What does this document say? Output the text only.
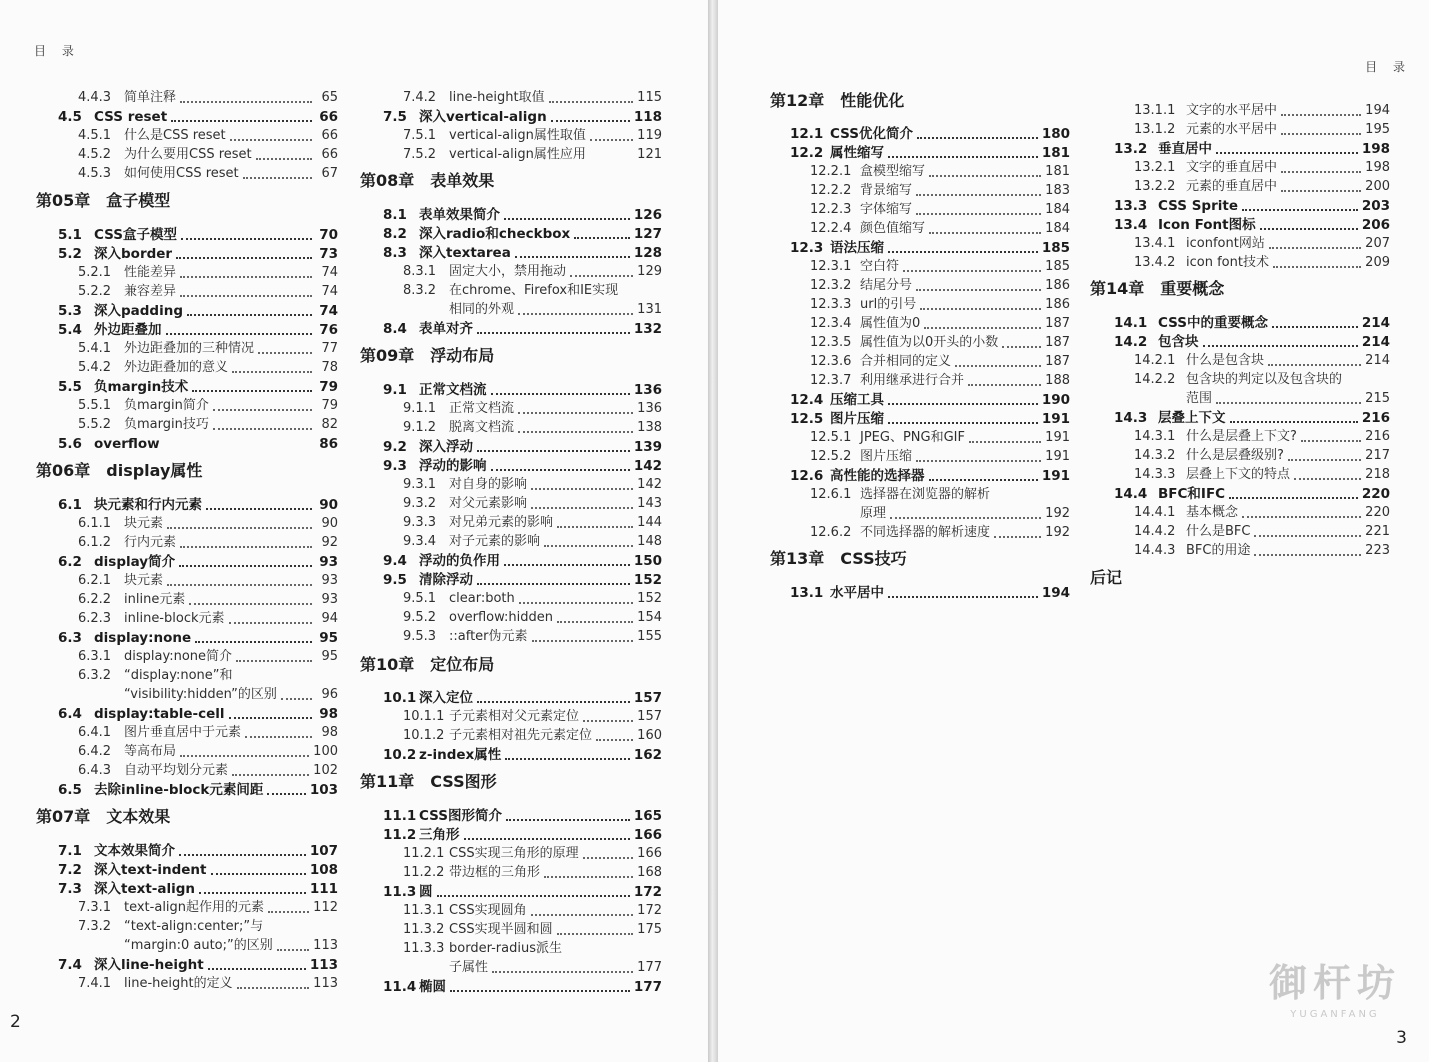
目 录
4.4.3 简单注释	65
4.5 CSS reset	66
4.5.1 什么是CSS reset	66
4.5.2 为什么要用CSS reset	66
4.5.3 如何使用CSS reset	67
第05章　盒子模型
5.1 CSS盒子模型	70
5.2 深入border	73
5.2.1 性能差异	74
5.2.2 兼容差异	74
5.3 深入padding	74
5.4 外边距叠加	76
5.4.1 外边距叠加的三种情况	77
5.4.2 外边距叠加的意义	78
5.5 负margin技术	79
5.5.1 负margin简介	79
5.5.2 负margin技巧	82
5.6 overflow	86
第06章　display属性
6.1 块元素和行内元素	90
6.1.1 块元素	90
6.1.2 行内元素	92
6.2 display简介	93
6.2.1 块元素	93
6.2.2 inline元素	93
6.2.3 inline-block元素	94
6.3 display:none	95
6.3.1 display:none简介	95
6.3.2 “display:none”和
“visibility:hidden”的区别	96
6.4 display:table-cell	98
6.4.1 图片垂直居中于元素	98
6.4.2 等高布局	100
6.4.3 自动平均划分元素	102
6.5 去除inline-block元素间距	103
第07章　文本效果
7.1 文本效果简介	107
7.2 深入text-indent	108
7.3 深入text-align	111
7.3.1 text-align起作用的元素	112
7.3.2 “text-align:center;”与
“margin:0 auto;”的区别	113
7.4 深入line-height	113
7.4.1 line-height的定义	113
7.4.2 line-height取值	115
7.5 深入vertical-align	118
7.5.1 vertical-align属性取值	119
7.5.2 vertical-align属性应用	121
第08章　表单效果
8.1 表单效果简介	126
8.2 深入radio和checkbox	127
8.3 深入textarea	128
8.3.1 固定大小，禁用拖动	129
8.3.2 在chrome、Firefox和IE实现
相同的外观	131
8.4 表单对齐	132
第09章　浮动布局
9.1 正常文档流	136
9.1.1 正常文档流	136
9.1.2 脱离文档流	138
9.2 深入浮动	139
9.3 浮动的影响	142
9.3.1 对自身的影响	142
9.3.2 对父元素影响	143
9.3.3 对兄弟元素的影响	144
9.3.4 对子元素的影响	148
9.4 浮动的负作用	150
9.5 清除浮动	152
9.5.1 clear:both	152
9.5.2 overflow:hidden	154
9.5.3 ::after伪元素	155
第10章　定位布局
10.1 深入定位	157
10.1.1 子元素相对父元素定位	157
10.1.2 子元素相对祖先元素定位	160
10.2 z-index属性	162
第11章　CSS图形
11.1 CSS图形简介	165
11.2 三角形	166
11.2.1 CSS实现三角形的原理	166
11.2.2 带边框的三角形	168
11.3 圆	172
11.3.1 CSS实现圆角	172
11.3.2 CSS实现半圆和圆	175
11.3.3 border-radius派生
子属性	177
11.4 椭圆	177
2
目 录
第12章　性能优化
12.1 CSS优化简介	180
12.2 属性缩写	181
12.2.1 盒模型缩写	181
12.2.2 背景缩写	183
12.2.3 字体缩写	184
12.2.4 颜色值缩写	184
12.3 语法压缩	185
12.3.1 空白符	185
12.3.2 结尾分号	186
12.3.3 url的引号	186
12.3.4 属性值为0	187
12.3.5 属性值为以0开头的小数	187
12.3.6 合并相同的定义	187
12.3.7 利用继承进行合并	188
12.4 压缩工具	190
12.5 图片压缩	191
12.5.1 JPEG、PNG和GIF	191
12.5.2 图片压缩	191
12.6 高性能的选择器	191
12.6.1 选择器在浏览器的解析
原理	192
12.6.2 不同选择器的解析速度	192
第13章　CSS技巧
13.1 水平居中	194
13.1.1 文字的水平居中	194
13.1.2 元素的水平居中	195
13.2 垂直居中	198
13.2.1 文字的垂直居中	198
13.2.2 元素的垂直居中	200
13.3 CSS Sprite	203
13.4 Icon Font图标	206
13.4.1 iconfont网站	207
13.4.2 icon font技术	209
第14章　重要概念
14.1 CSS中的重要概念	214
14.2 包含块	214
14.2.1 什么是包含块	214
14.2.2 包含块的判定以及包含块的
范围	215
14.3 层叠上下文	216
14.3.1 什么是层叠上下文?	216
14.3.2 什么是层叠级别?	217
14.3.3 层叠上下文的特点	218
14.4 BFC和IFC	220
14.4.1 基本概念	220
14.4.2 什么是BFC	221
14.4.3 BFC的用途	223
后记
御杆坊
YUGANFANG
3
